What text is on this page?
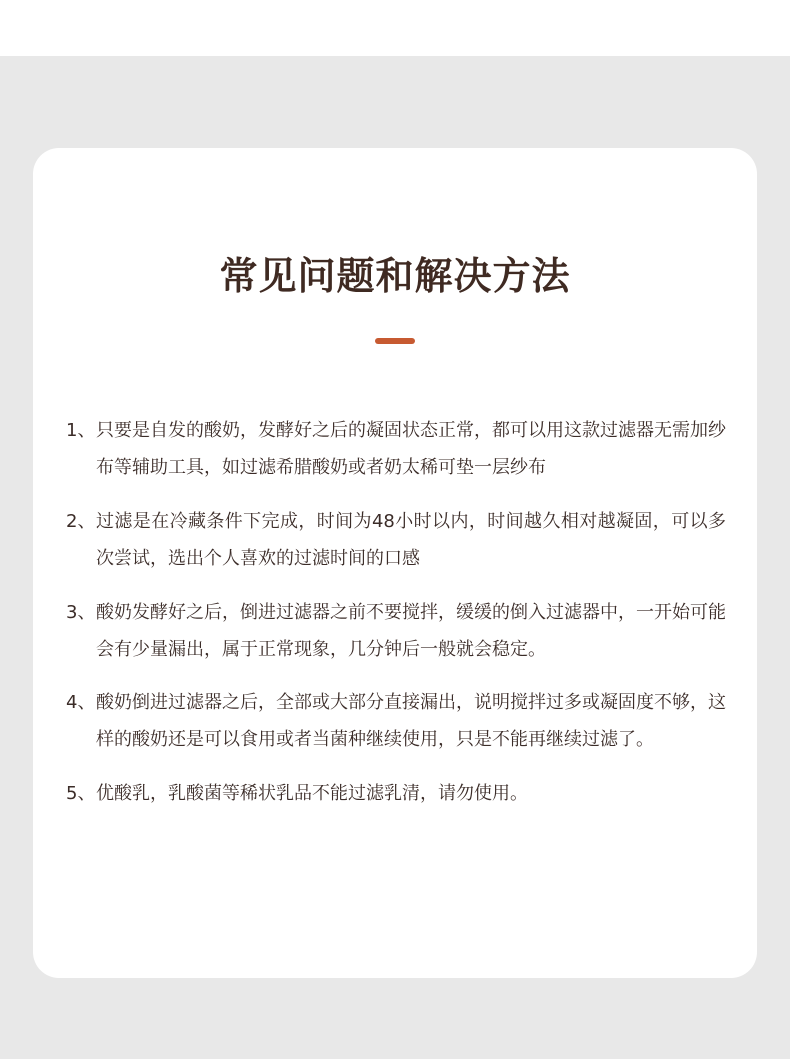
常见问题和解决方法
1、 只要是自发的酸奶，发酵好之后的凝固状态正常，都可以用这款过滤器无需加纱布等辅助工具，如过滤希腊酸奶或者奶太稀可垫一层纱布
2、 过滤是在冷藏条件下完成，时间为48小时以内，时间越久相对越凝固，可以多次尝试，选出个人喜欢的过滤时间的口感
3、 酸奶发酵好之后，倒进过滤器之前不要搅拌，缓缓的倒入过滤器中，一开始可能会有少量漏出，属于正常现象，几分钟后一般就会稳定。
4、 酸奶倒进过滤器之后，全部或大部分直接漏出，说明搅拌过多或凝固度不够，这样的酸奶还是可以食用或者当菌种继续使用，只是不能再继续过滤了。
5、 优酸乳，乳酸菌等稀状乳品不能过滤乳清，请勿使用。
